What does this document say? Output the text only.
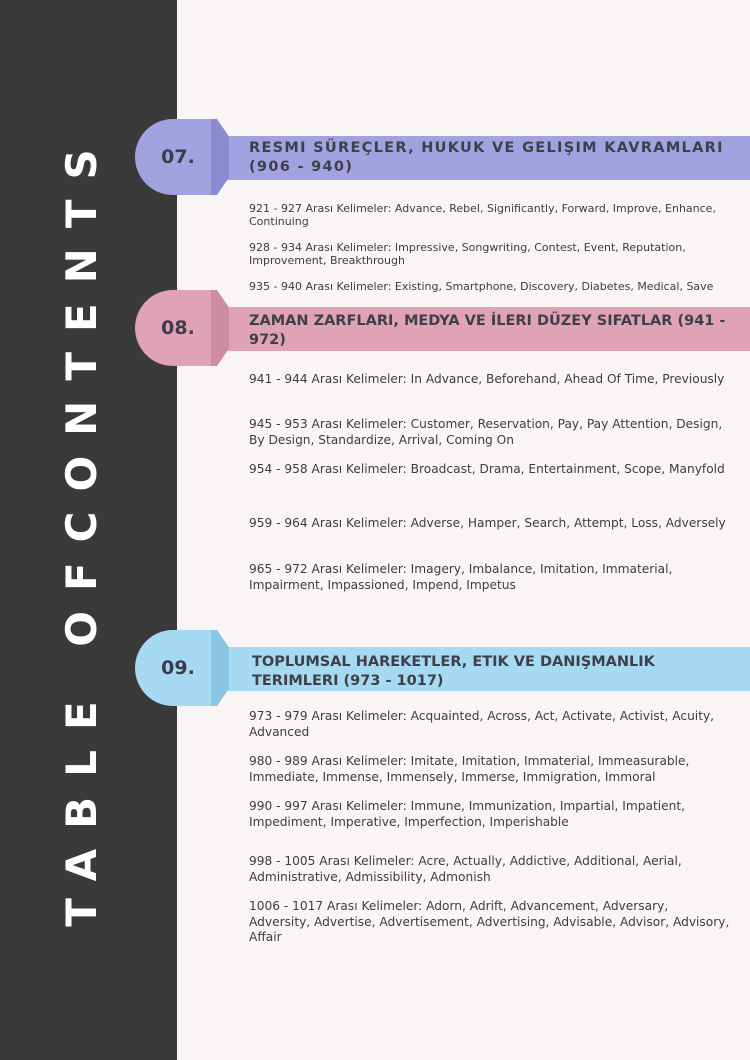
TABLE OFCONTENTS	RESMI SÜREÇLER, HUKUK VE GELIŞIM KAVRAMLARI (906 - 940)
07.
921 - 927 Arası Kelimeler: Advance, Rebel, Significantly, Forward, Improve, Enhance, Continuing
928 - 934 Arası Kelimeler: Impressive, Songwriting, Contest, Event, Reputation, Improvement, Breakthrough
935 - 940 Arası Kelimeler: Existing, Smartphone, Discovery, Diabetes, Medical, Save
ZAMAN ZARFLARI, MEDYA VE İLERI DÜZEY SIFATLAR (941 - 972)
08.
941 - 944 Arası Kelimeler: In Advance, Beforehand, Ahead Of Time, Previously
945 - 953 Arası Kelimeler: Customer, Reservation, Pay, Pay Attention, Design, By Design, Standardize, Arrival, Coming On
954 - 958 Arası Kelimeler: Broadcast, Drama, Entertainment, Scope, Manyfold
959 - 964 Arası Kelimeler: Adverse, Hamper, Search, Attempt, Loss, Adversely
965 - 972 Arası Kelimeler: Imagery, Imbalance, Imitation, Immaterial, Impairment, Impassioned, Impend, Impetus
TOPLUMSAL HAREKETLER, ETIK VE DANIŞMANLIK TERIMLERI (973 - 1017)
09.
973 - 979 Arası Kelimeler: Acquainted, Across, Act, Activate, Activist, Acuity, Advanced
980 - 989 Arası Kelimeler: Imitate, Imitation, Immaterial, Immeasurable, Immediate, Immense, Immensely, Immerse, Immigration, Immoral
990 - 997 Arası Kelimeler: Immune, Immunization, Impartial, Impatient, Impediment, Imperative, Imperfection, Imperishable
998 - 1005 Arası Kelimeler: Acre, Actually, Addictive, Additional, Aerial, Administrative, Admissibility, Admonish
1006 - 1017 Arası Kelimeler: Adorn, Adrift, Advancement, Adversary, Adversity, Advertise, Advertisement, Advertising, Advisable, Advisor, Advisory, Affair
